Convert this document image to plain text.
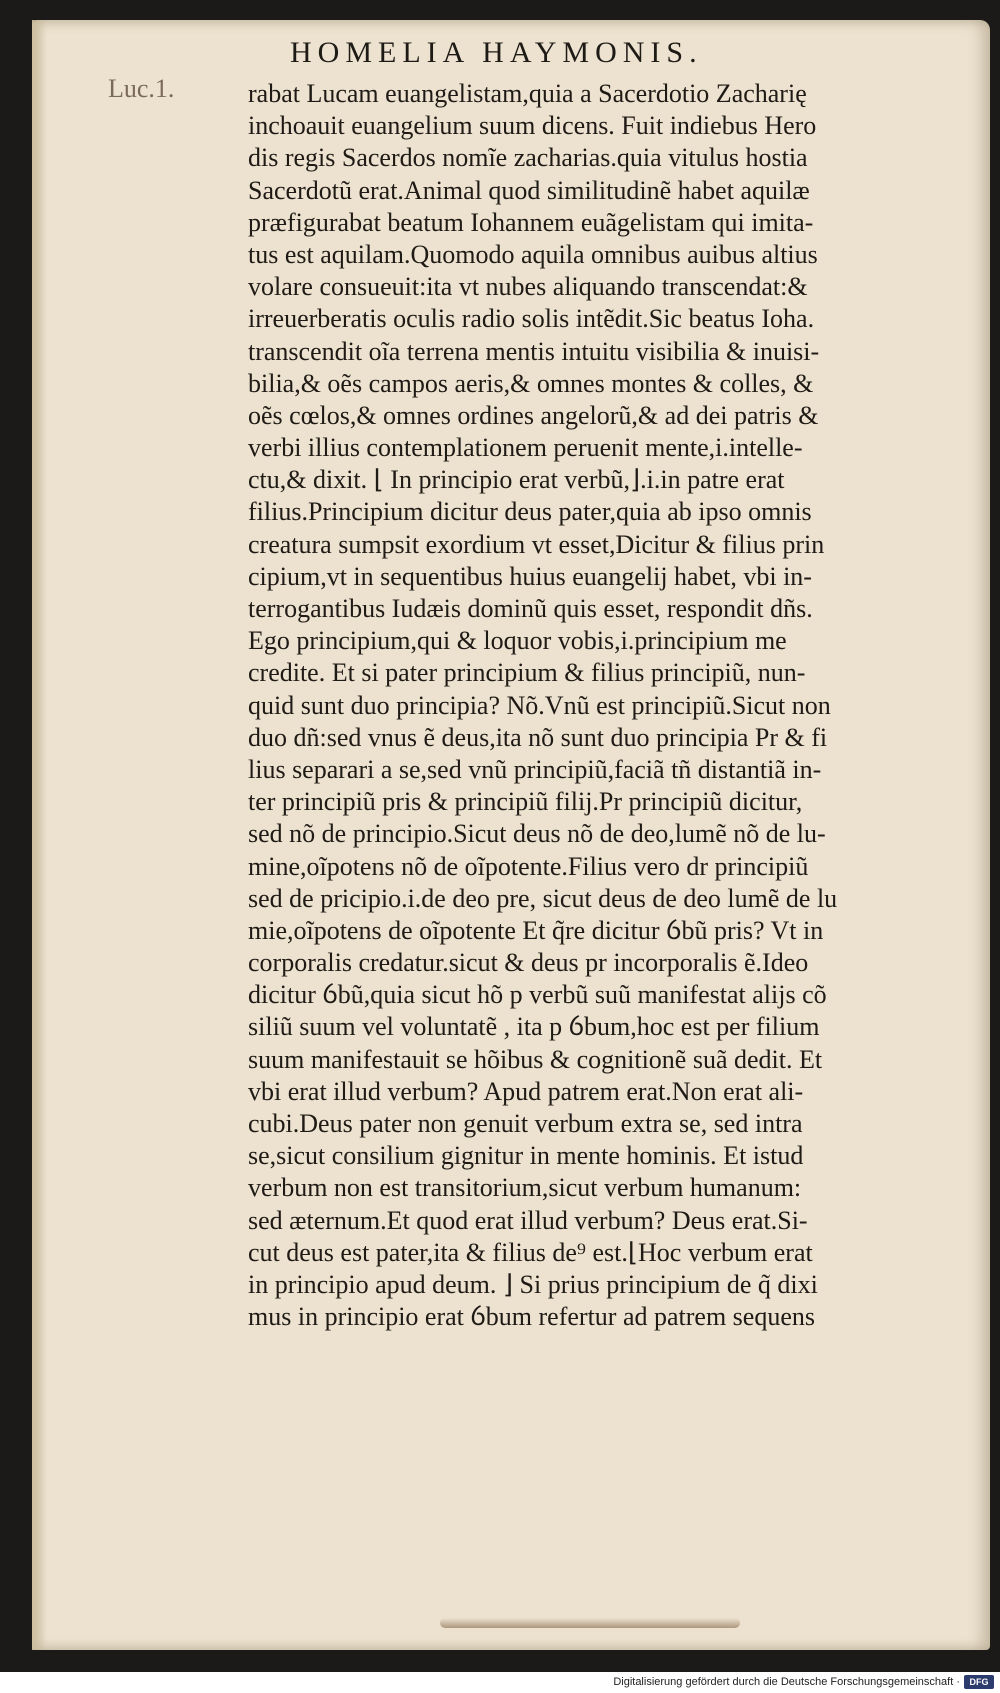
HOMELIA HAYMONIS.
Luc.1.	rabat Lucam euangelistam,quia a Sacerdotio Zacharię
inchoauit euangelium suum dicens. Fuit indiebus Hero
dis regis Sacerdos nomĩe zacharias.quia vitulus hostia
Sacerdotũ erat.Animal quod similitudinẽ habet aquilæ
præfigurabat beatum Iohannem euãgelistam qui imita-
tus est aquilam.Quomodo aquila omnibus auibus altius
volare consueuit:ita vt nubes aliquando transcendat:&
irreuerberatis oculis radio solis intẽdit.Sic beatus Ioha.
transcendit oĩa terrena mentis intuitu visibilia & inuisi-
bilia,& oẽs campos aeris,& omnes montes & colles, &
oẽs cœlos,& omnes ordines angelorũ,& ad dei patris &
verbi illius contemplationem peruenit mente,i.intelle-
ctu,& dixit. ⌊ In principio erat verbũ,⌋.i.in patre erat
filius.Principium dicitur deus pater,quia ab ipso omnis
creatura sumpsit exordium vt esset,Dicitur & filius prin
cipium,vt in sequentibus huius euangelij habet, vbi in-
terrogantibus Iudæis dominũ quis esset, respondit dñs.
Ego principium,qui & loquor vobis,i.principium me
credite. Et si pater principium & filius principiũ, nun-
quid sunt duo principia? Nõ.Vnũ est principiũ.Sicut non
duo dñ:sed vnus ẽ deus,ita nõ sunt duo principia Pr & fi
lius separari a se,sed vnũ principiũ,faciã tñ distantiã in-
ter principiũ pris & principiũ filij.Pr principiũ dicitur,
sed nõ de principio.Sicut deus nõ de deo,lumẽ nõ de lu-
mine,oĩpotens nõ de oĩpotente.Filius vero dr principiũ
sed de pricipio.i.de deo pre, sicut deus de deo lumẽ de lu
mie,oĩpotens de oĩpotente Et q̃re dicitur ỽbũ pris? Vt in
corporalis credatur.sicut & deus pr incorporalis ẽ.Ideo
dicitur ỽbũ,quia sicut hõ p verbũ suũ manifestat alijs cõ
siliũ suum vel voluntatẽ , ita p ỽbum,hoc est per filium
suum manifestauit se hõibus & cognitionẽ suã dedit. Et
vbi erat illud verbum? Apud patrem erat.Non erat ali-
cubi.Deus pater non genuit verbum extra se, sed intra
se,sicut consilium gignitur in mente hominis. Et istud
verbum non est transitorium,sicut verbum humanum:
sed æternum.Et quod erat illud verbum? Deus erat.Si-
cut deus est pater,ita & filius de⁹ est.⌊Hoc verbum erat
in principio apud deum. ⌋ Si prius principium de q̃ dixi
mus in principio erat ỽbum refertur ad patrem sequens
Digitalisierung gefördert durch die Deutsche Forschungsgemeinschaft ·	DFG
